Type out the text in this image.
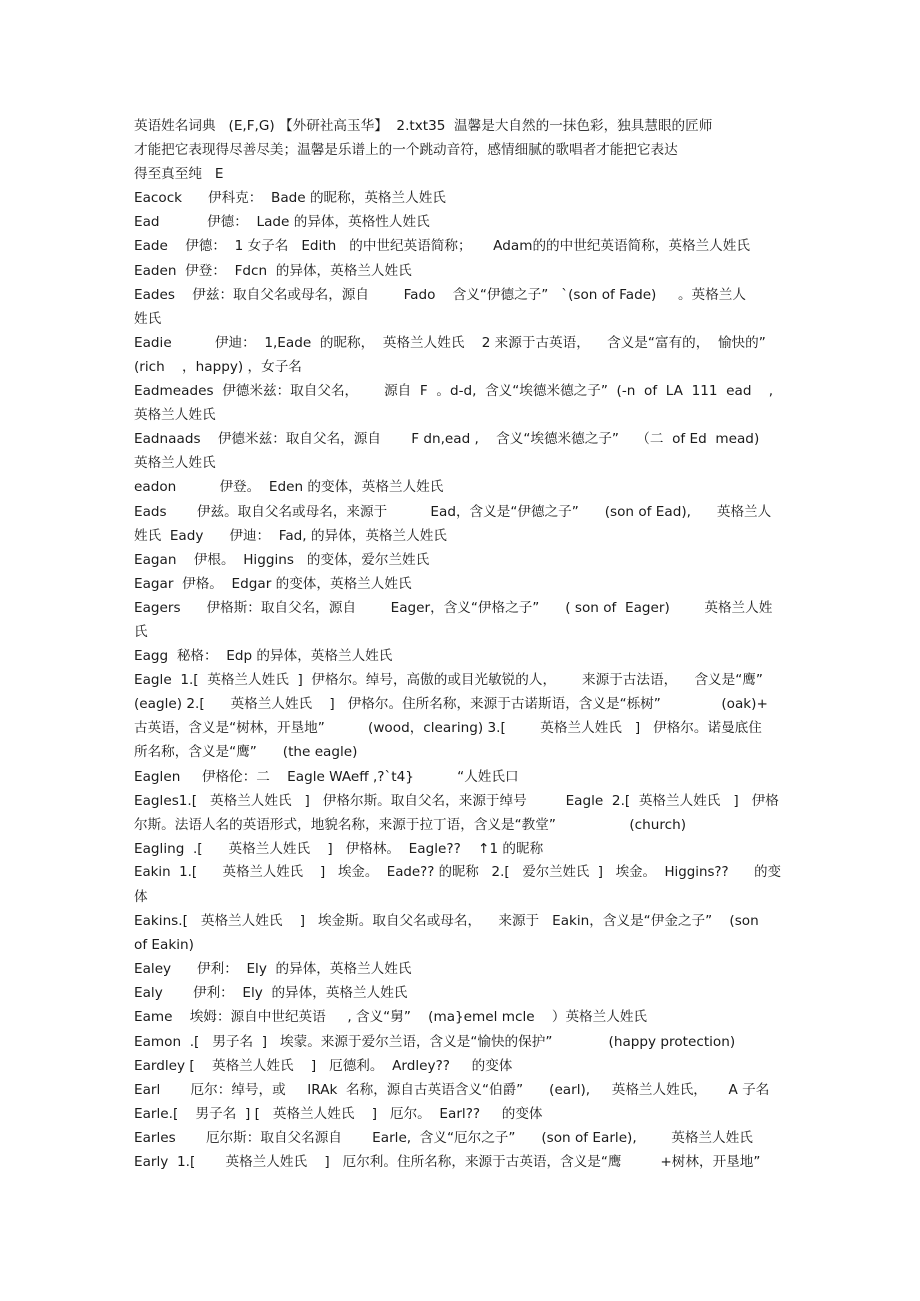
英语姓名词典   (E,F,G) 【外研社高玉华】  2.txt35  温馨是大自然的一抹色彩，独具慧眼的匠师
才能把它表现得尽善尽美；温馨是乐谱上的一个跳动音符，感情细腻的歌唱者才能把它表达
得至真至纯   E
Eacock      伊科克：  Bade 的昵称，英格兰人姓氏
Ead           伊德：  Lade 的异体，英格性人姓氏
Eade    伊德：  1 女子名   Edith   的中世纪英语简称；     Adam的的中世纪英语简称，英格兰人姓氏
Eaden  伊登：  Fdcn  的异体，英格兰人姓氏
Eades    伊兹：取自父名或母名，源自        Fado    含义“伊德之子”   `(son of Fade)     。英格兰人
姓氏
Eadie          伊迪：  1,Eade  的昵称，  英格兰人姓氏    2 来源于古英语，    含义是“富有的，  愉快的”
(rich    ，happy) ，女子名
Eadmeades  伊德米兹：取自父名，      源自  F  。d-d,  含义“埃德米德之子”  (-n  of  LA  111  ead    ,
英格兰人姓氏
Eadnaads    伊德米兹：取自父名，源自       F dn,ead ,    含义“埃德米德之子”    （二  of Ed  mead)
英格兰人姓氏
eadon          伊登。  Eden 的变体，英格兰人姓氏
Eads       伊兹。取自父名或母名，来源于          Ead，含义是“伊德之子”      (son of Ead),      英格兰人
姓氏  Eady      伊迪：  Fad, 的异体，英格兰人姓氏
Eagan    伊根。  Higgins   的变体，爱尔兰姓氏
Eagar  伊格。  Edgar 的变体，英格兰人姓氏
Eagers      伊格斯：取自父名，源自        Eager，含义“伊格之子”      ( son of  Eager)        英格兰人姓
氏
Eagg  秘格：  Edp 的异体，英格兰人姓氏
Eagle  1.[  英格兰人姓氏  ]  伊格尔。绰号，高傲的或目光敏锐的人，      来源于古法语，    含义是“鹰”
(eagle) 2.[      英格兰人姓氏    ]   伊格尔。住所名称，来源于古诺斯语，含义是“栎树”              (oak)+
古英语，含义是“树林，开垦地”          (wood，clearing) 3.[        英格兰人姓氏   ]   伊格尔。诺曼底住
所名称，含义是“鹰”      (the eagle)
Eaglen     伊格伦：二    Eagle WAeff ,?`t4}          “人姓氏口
Eagles1.[   英格兰人姓氏   ]   伊格尔斯。取自父名，来源于绰号         Eagle  2.[  英格兰人姓氏   ]   伊格
尔斯。法语人名的英语形式，地貌名称，来源于拉丁语，含义是“教堂”                 (church)
Eagling  .[      英格兰人姓氏    ]   伊格林。  Eagle??    ↑1 的昵称
Eakin  1.[      英格兰人姓氏    ]   埃金。  Eade?? 的昵称   2.[   爱尔兰姓氏  ]   埃金。  Higgins??      的变
体
Eakins.[   英格兰人姓氏    ]   埃金斯。取自父名或母名，    来源于   Eakin，含义是“伊金之子”    (son
of Eakin)
Ealey      伊利：  Ely  的异体，英格兰人姓氏
Ealy       伊利：  Ely  的异体，英格兰人姓氏
Eame    埃姆：源自中世纪英语     , 含义“舅”    (ma}emel mcle    ）英格兰人姓氏
Eamon  .[   男子名  ]   埃蒙。来源于爱尔兰语，含义是“愉快的保护”             (happy protection)
Eardley [    英格兰人姓氏    ]   厄德利。  Ardley??     的变体
Earl       厄尔：绰号，或     IRAk  名称，源自古英语含义“伯爵”      (earl),     英格兰人姓氏，     A 子名
Earle.[    男子名  ] [   英格兰人姓氏    ]   厄尔。  Earl??     的变体
Earles       厄尔斯：取自父名源自       Earle,  含义“厄尔之子”      (son of Earle),        英格兰人姓氏
Early  1.[       英格兰人姓氏    ]   厄尔利。住所名称，来源于古英语，含义是“鹰         +树林，开垦地”
